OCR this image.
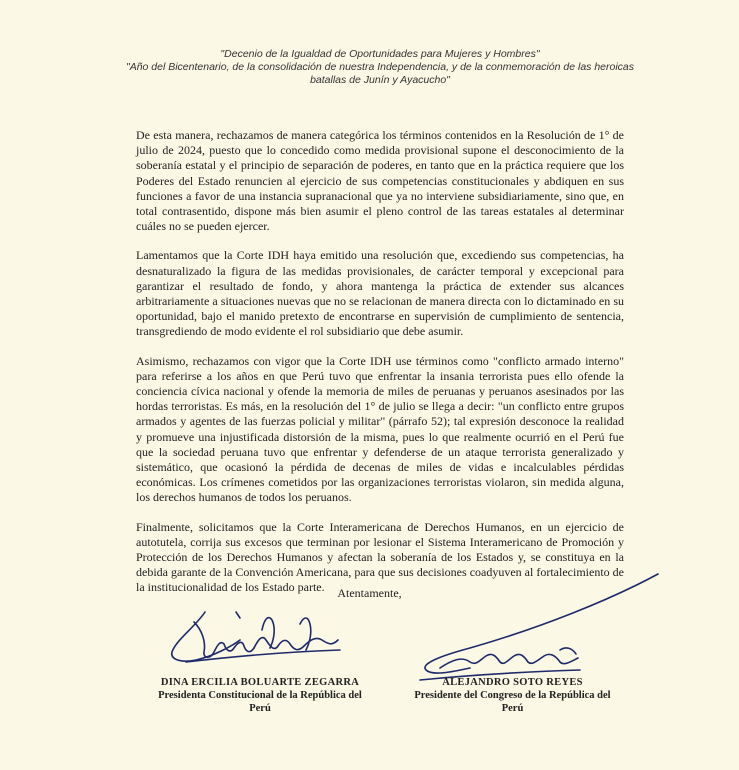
"Decenio de la Igualdad de Oportunidades para Mujeres y Hombres"
"Año del Bicentenario, de la consolidación de nuestra Independencia, y de la conmemoración de las heroicas batallas de Junín y Ayacucho"

De esta manera, rechazamos de manera categórica los términos contenidos en la Resolución de 1° de julio de 2024, puesto que lo concedido como medida provisional supone el desconocimiento de la soberanía estatal y el principio de separación de poderes, en tanto que en la práctica requiere que los Poderes del Estado renuncien al ejercicio de sus competencias constitucionales y abdiquen en sus funciones a favor de una instancia supranacional que ya no interviene subsidiariamente, sino que, en total contrasentido, dispone más bien asumir el pleno control de las tareas estatales al determinar cuáles no se pueden ejercer.

Lamentamos que la Corte IDH haya emitido una resolución que, excediendo sus competencias, ha desnaturalizado la figura de las medidas provisionales, de carácter temporal y excepcional para garantizar el resultado de fondo, y ahora mantenga la práctica de extender sus alcances arbitrariamente a situaciones nuevas que no se relacionan de manera directa con lo dictaminado en su oportunidad, bajo el manido pretexto de encontrarse en supervisión de cumplimiento de sentencia, transgrediendo de modo evidente el rol subsidiario que debe asumir.

Asimismo, rechazamos con vigor que la Corte IDH use términos como "conflicto armado interno" para referirse a los años en que Perú tuvo que enfrentar la insania terrorista pues ello ofende la conciencia cívica nacional y ofende la memoria de miles de peruanas y peruanos asesinados por las hordas terroristas. Es más, en la resolución del 1° de julio se llega a decir: "un conflicto entre grupos armados y agentes de las fuerzas policial y militar" (párrafo 52); tal expresión desconoce la realidad y promueve una injustificada distorsión de la misma, pues lo que realmente ocurrió en el Perú fue que la sociedad peruana tuvo que enfrentar y defenderse de un ataque terrorista generalizado y sistemático, que ocasionó la pérdida de decenas de miles de vidas e incalculables pérdidas económicas. Los crímenes cometidos por las organizaciones terroristas violaron, sin medida alguna, los derechos humanos de todos los peruanos.

Finalmente, solicitamos que la Corte Interamericana de Derechos Humanos, en un ejercicio de autotutela, corrija sus excesos que terminan por lesionar el Sistema Interamericano de Promoción y Protección de los Derechos Humanos y afectan la soberanía de los Estados y, se constituya en la debida garante de la Convención Americana, para que sus decisiones coadyuven al fortalecimiento de la institucionalidad de los Estado parte.	Atentamente,
DINA ERCILIA BOLUARTE ZEGARRA
Presidenta Constitucional de la República del
Perú
ALEJANDRO SOTO REYES
Presidente del Congreso de la República del
Perú
